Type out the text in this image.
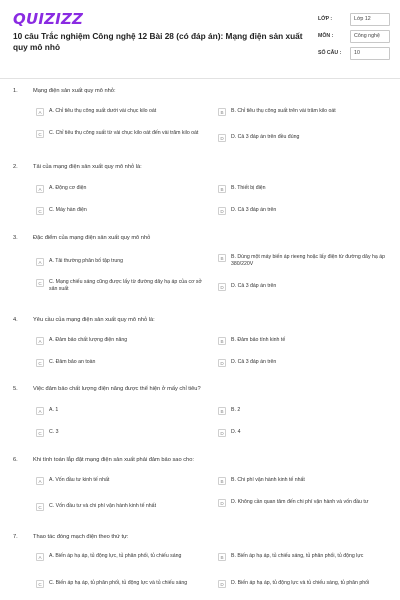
QUIZIZZ
10 câu Trắc nghiệm Công nghệ 12 Bài 28 (có đáp án): Mạng điện sản xuất quy mô nhỏ
LỚP :	Lớp 12
MÔN :	Công nghệ
SỐ CÂU :	10
1.	Mạng điện sản xuất quy mô nhỏ:
A	A. Chỉ tiêu thụ công suất dưới vài chục kilo oát	B	B. Chỉ tiêu thụ công suất trên vài trăm kilo oát
C	C. Chỉ tiêu thụ công suất từ vài chục kilo oát đến vài trăm kilo oát
D	D. Cả 3 đáp án trên đều đúng
2.	Tải của mạng điện sản xuất quy mô nhỏ là:
A	A. Động cơ điện	B	B. Thiết bị điện
C	C. Máy hàn điện	D	D. Cả 3 đáp án trên
3.	Đặc điểm của mạng điện sản xuất quy mô nhỏ
A	A. Tải thường phân bố tập trung	B	B. Dùng một máy biến áp rieeng hoặc lấy điện từ đường dây hạ áp 380/220V
C	C. Mạng chiếu sáng cũng được lấy từ đường dây hạ áp của cơ sở sản xuất	D	D. Cả 3 đáp án trên
4.	Yêu cầu của mạng điện sản xuất quy mô nhỏ là:
A	A. Đảm bảo chất lượng điện năng	B	B. Đảm bảo tính kinh tế
C	C. Đảm bảo an toàn	D	D. Cả 3 đáp án trên
5.	Việc đảm bảo chất lượng điện năng được thể hiện ở mấy chỉ tiêu?
A	A. 1	B	B. 2
C	C. 3	D	D. 4
6.	Khi tính toán lắp đặt mạng điện sản xuất phải đảm bảo sao cho:
A	A. Vốn đầu tư kinh tế nhất	B	B. Chi phí vận hành kinh tế nhất
C	C. Vốn đầu tư và chi phí vận hành kinh tế nhất	D	D. Không cần quan tâm đến chi phí vận hành và vốn đầu tư
7.	Thao tác đóng mạch điện theo thứ tự:
A	A. Biến áp hạ áp, tủ động lực, tủ phân phối, tủ chiếu sáng	B	B. Biến áp hạ áp, tủ chiếu sáng, tủ phân phối, tủ động lực
C	C. Biến áp hạ áp, tủ phân phối, tủ động lực và tủ chiếu sáng	D	D. Biến áp hạ áp, tủ động lực và tủ chiếu sáng, tủ phân phối
